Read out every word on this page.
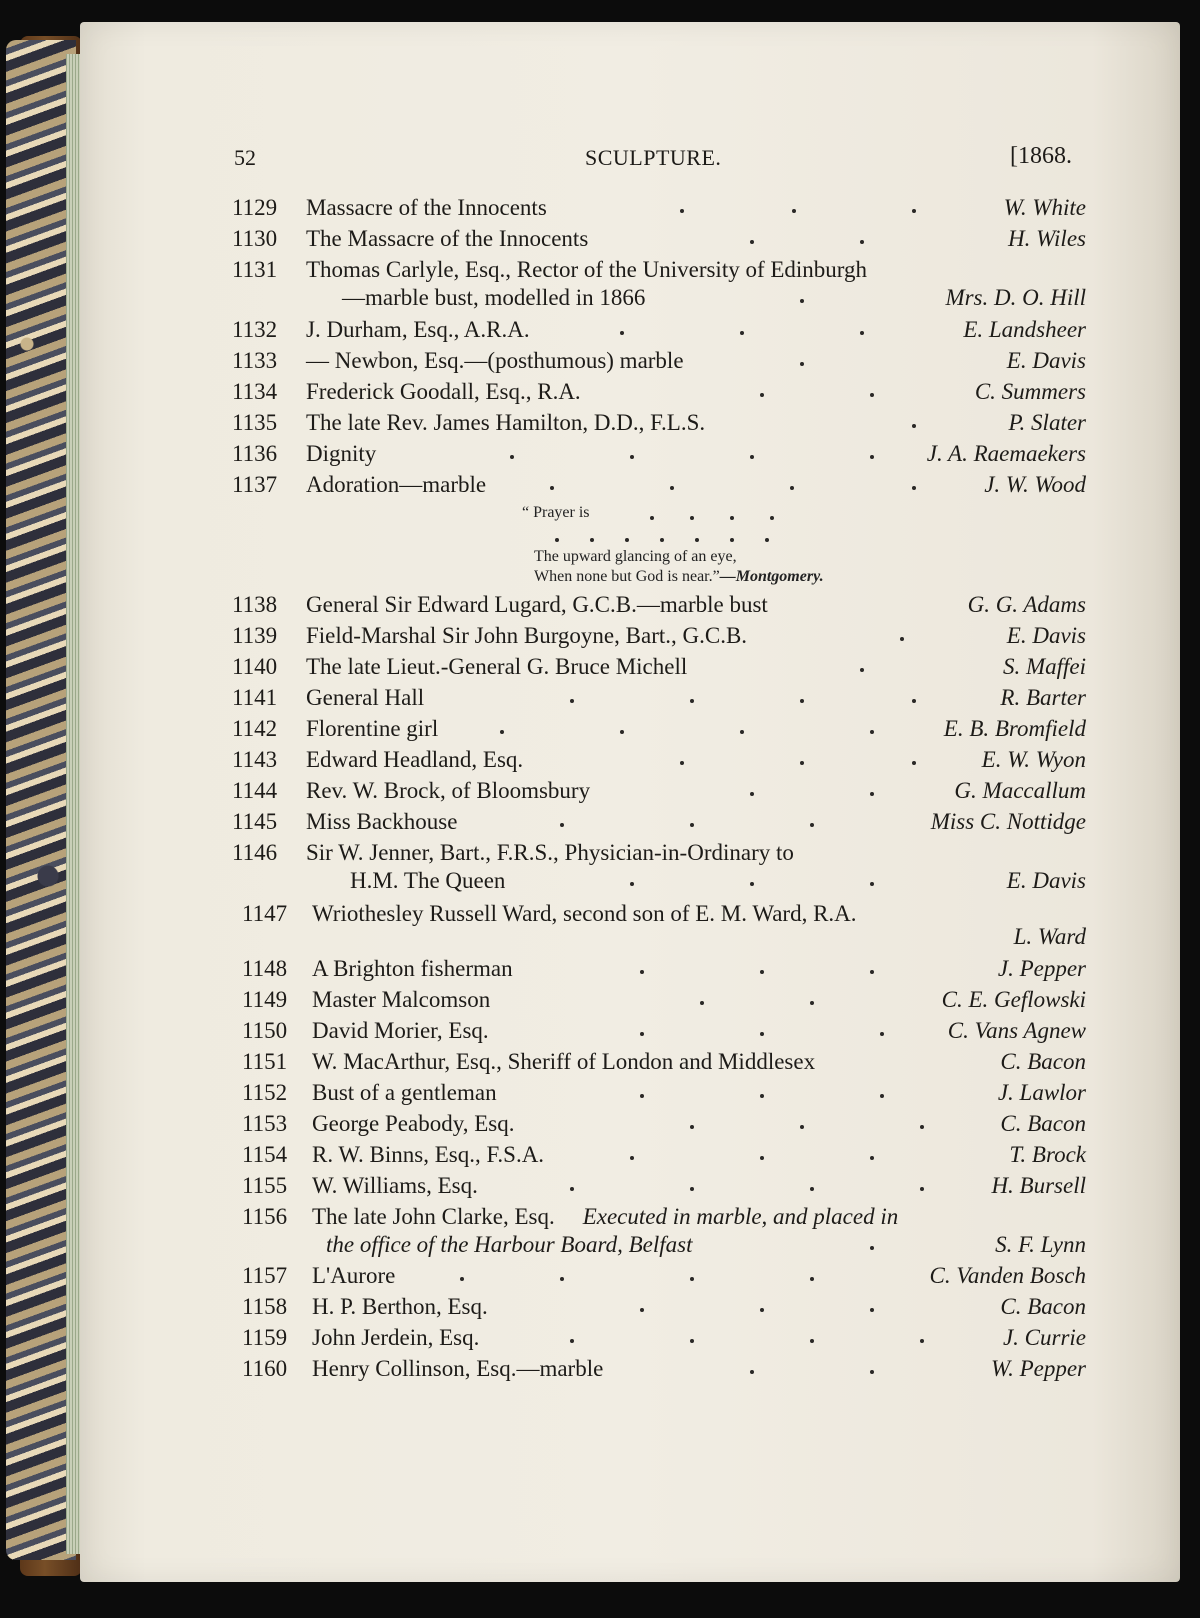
52	SCULPTURE.	[1868.
1129 Massacre of the Innocents	W. White
1130 The Massacre of the Innocents	H. Wiles
1131 Thomas Carlyle, Esq., Rector of the University of Edinburgh
—marble bust, modelled in 1866	Mrs. D. O. Hill
1132 J. Durham, Esq., A.R.A.	E. Landsheer
1133 — Newbon, Esq.—(posthumous) marble	E. Davis
1134 Frederick Goodall, Esq., R.A.	C. Summers
1135 The late Rev. James Hamilton, D.D., F.L.S.	P. Slater
1136 Dignity	J. A. Raemaekers
1137 Adoration—marble	J. W. Wood
1138 General Sir Edward Lugard, G.C.B.—marble bust	G. G. Adams
1139 Field-Marshal Sir John Burgoyne, Bart., G.C.B.	E. Davis
1140 The late Lieut.-General G. Bruce Michell	S. Maffei
1141 General Hall	R. Barter
1142 Florentine girl	E. B. Bromfield
1143 Edward Headland, Esq.	E. W. Wyon
1144 Rev. W. Brock, of Bloomsbury	G. Maccallum
1145 Miss Backhouse	Miss C. Nottidge
1146 Sir W. Jenner, Bart., F.R.S., Physician-in-Ordinary to
H.M. The Queen	E. Davis
1147 Wriothesley Russell Ward, second son of E. M. Ward, R.A.
L. Ward
1148 A Brighton fisherman	J. Pepper
1149 Master Malcomson	C. E. Geflowski
1150 David Morier, Esq.	C. Vans Agnew
1151 W. MacArthur, Esq., Sheriff of London and Middlesex	C. Bacon
1152 Bust of a gentleman	J. Lawlor
1153 George Peabody, Esq.	C. Bacon
1154 R. W. Binns, Esq., F.S.A.	T. Brock
1155 W. Williams, Esq.	H. Bursell
1156 The late John Clarke, Esq. Executed in marble, and placed in
the office of the Harbour Board, Belfast	S. F. Lynn
1157 L'Aurore	C. Vanden Bosch
1158 H. P. Berthon, Esq.	C. Bacon
1159 John Jerdein, Esq.	J. Currie
1160 Henry Collinson, Esq.—marble	W. Pepper
“ Prayer is
The upward glancing of an eye,
When none but God is near.”—Montgomery.
